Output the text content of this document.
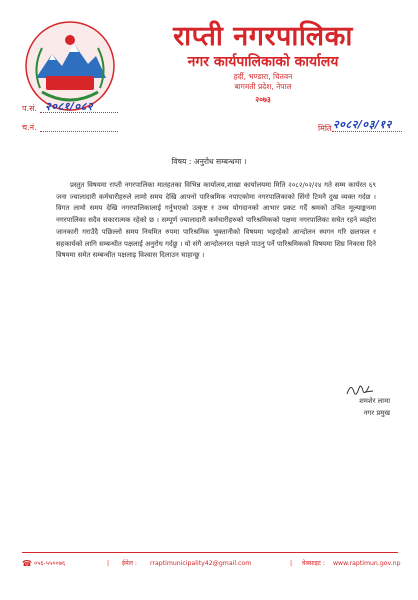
राप्ती नगरपालिका
नगर कार्यपालिकाको कार्यालय
हर्दी, भण्डारा, चितवन
बागमती प्रदेश, नेपाल
२०७३
प.सं. २०८१/०८२
च.नं.	मिति २०८२/०३/१२
विषय : अनुरोध सम्बन्धमा ।
प्रस्तुत विषयमा राप्ती नगरपालिका मातहतका विभिन्न कार्यालय,शाखा कार्यालयमा मिति २०८२/०२/२४ गते सम्म कार्यरत ६९ जना ज्यालादारी कर्मचारीहरुले लामो समय देखि आफ्नो पारिश्रमिक नपाएकोमा नगरपालिकाको सिंगो टिमनै दुख व्यक्त गर्दछ । विगत लामो समय देखि नगरपालिकालाई गर्नुभएको उत्कृष्ट र उच्च योगदानको आभार प्रकट गर्दै श्रमको उचित मूल्याङ्कनमा नगरपालिका सदैव सकारात्मक रहेको छ । सम्पूर्ण ज्यालादारी कर्मचारीहरुको पारिश्रमिकको पक्षमा नगरपालिका सचेत रहने व्यहोरा जानकारी गराउँदै पछिल्लो समय नियमित रुपमा पारिश्रमिक भुक्तानीको विषयमा भइरहेको आन्दोलन स्थगन गरि छलफल र सहकार्यको लागि सम्बन्धीत पक्षलाई अनुरोध गर्दछु । यो संगै आन्दोलनरत पक्षले पाउनु पर्ने पारिश्रमिकको विषयमा शिघ्र निकास दिने विषयमा समेत सम्बन्धीत पक्षलाइ विश्वास दिलाउन चाहान्छु ।
शमशेर लामा
नगर प्रमुख
☎ ०५६-५५००७६	| ईमेल : rraptimunicipality42@gmail.com	| वेबसाइट : www.raptimun.gov.np
